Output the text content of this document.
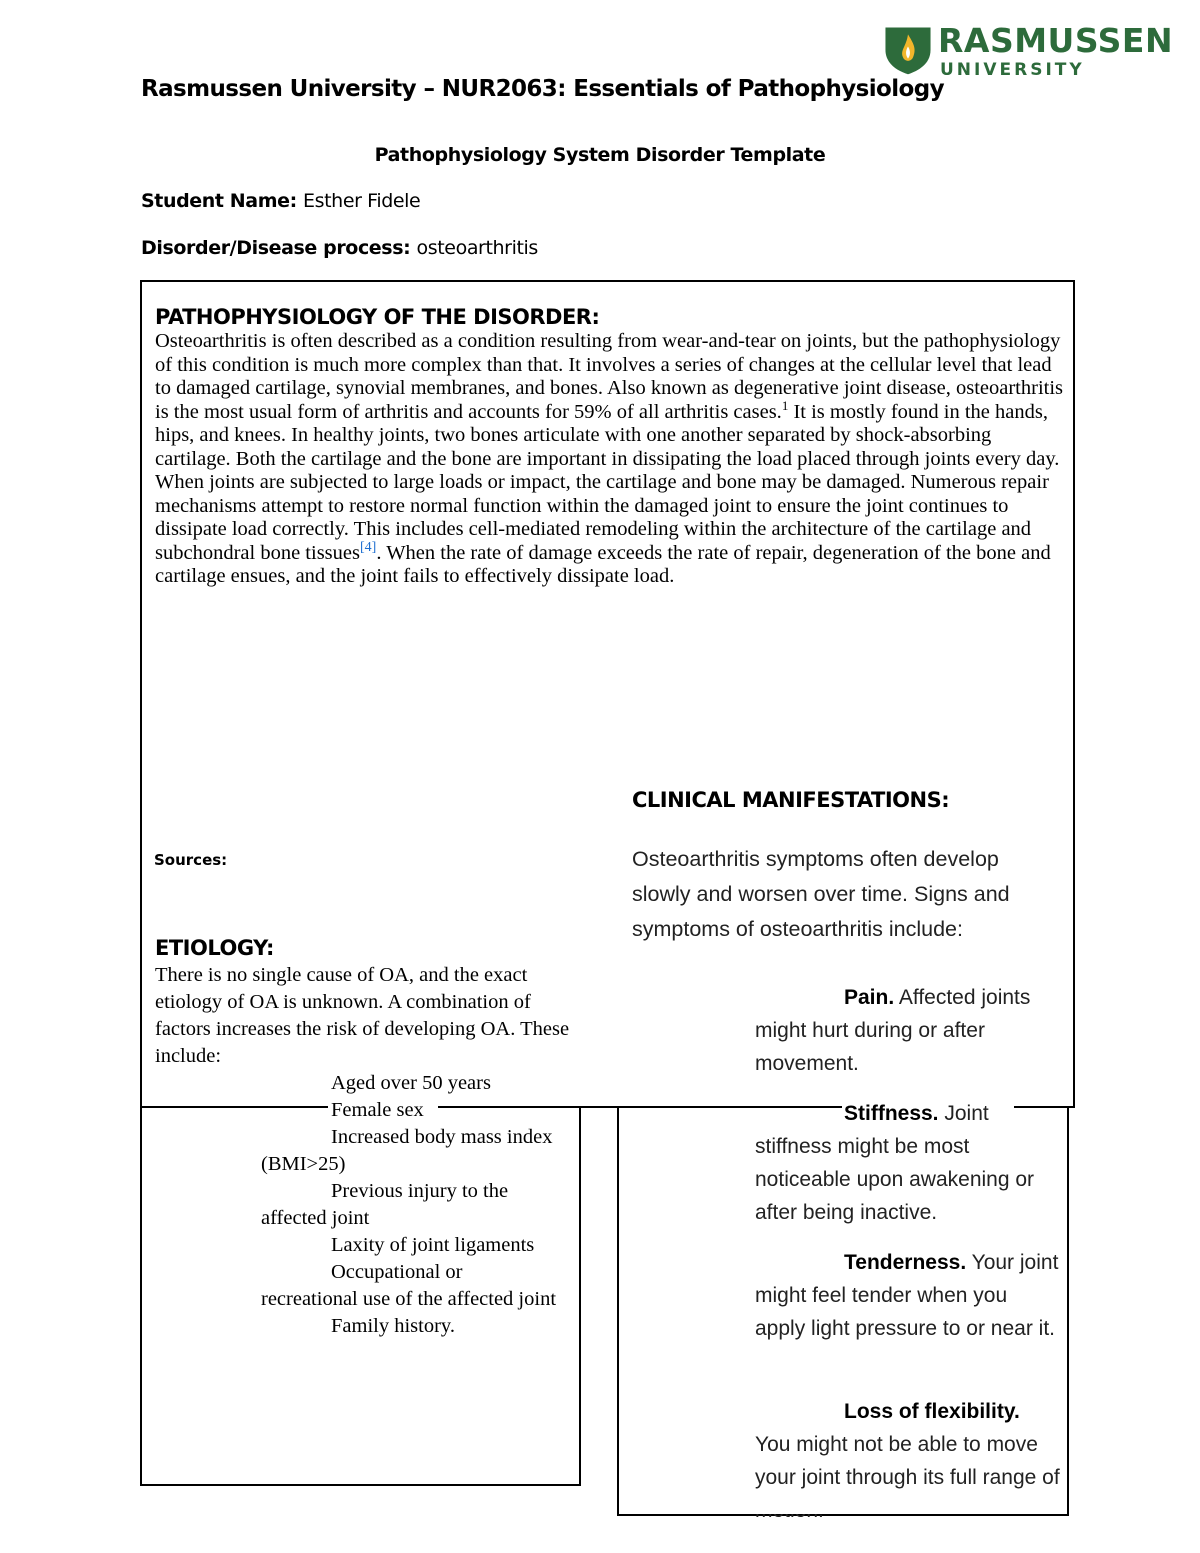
RASMUSSEN
UNIVERSITY
Rasmussen University – NUR2063: Essentials of Pathophysiology
Pathophysiology System Disorder Template
Student Name: Esther Fidele
Disorder/Disease process: osteoarthritis
PATHOPHYSIOLOGY OF THE DISORDER:
Osteoarthritis is often described as a condition resulting from wear-and-tear on joints, but the pathophysiology of this condition is much more complex than that. It involves a series of changes at the cellular level that lead to damaged cartilage, synovial membranes, and bones. Also known as degenerative joint disease, osteoarthritis is the most usual form of arthritis and accounts for 59% of all arthritis cases.$^1$ It is mostly found in the hands, hips, and knees. In healthy joints, two bones articulate with one another separated by shock-absorbing cartilage. Both the cartilage and the bone are important in dissipating the load placed through joints every day. When joints are subjected to large loads or impact, the cartilage and bone may be damaged. Numerous repair mechanisms attempt to restore normal function within the damaged joint to ensure the joint continues to dissipate load correctly. This includes cell-mediated remodeling within the architecture of the cartilage and subchondral bone tissues[4]. When the rate of damage exceeds the rate of repair, degeneration of the bone and cartilage ensues, and the joint fails to effectively dissipate load.
Sources:
ETIOLOGY:
There is no single cause of OA, and the exact etiology of OA is unknown. A combination of factors increases the risk of developing OA. These include:
Aged over 50 years
Female sex
Increased body mass index (BMI>25)
Previous injury to the affected joint
Laxity of joint ligaments
Occupational or recreational use of the affected joint
Family history.
CLINICAL MANIFESTATIONS:
Osteoarthritis symptoms often develop slowly and worsen over time. Signs and symptoms of osteoarthritis include:
Pain. Affected joints might hurt during or after movement.
Stiffness. Joint stiffness might be most noticeable upon awakening or after being inactive.
Tenderness. Your joint might feel tender when you apply light pressure to or near it.
Loss of flexibility. You might not be able to move your joint through its full range of
